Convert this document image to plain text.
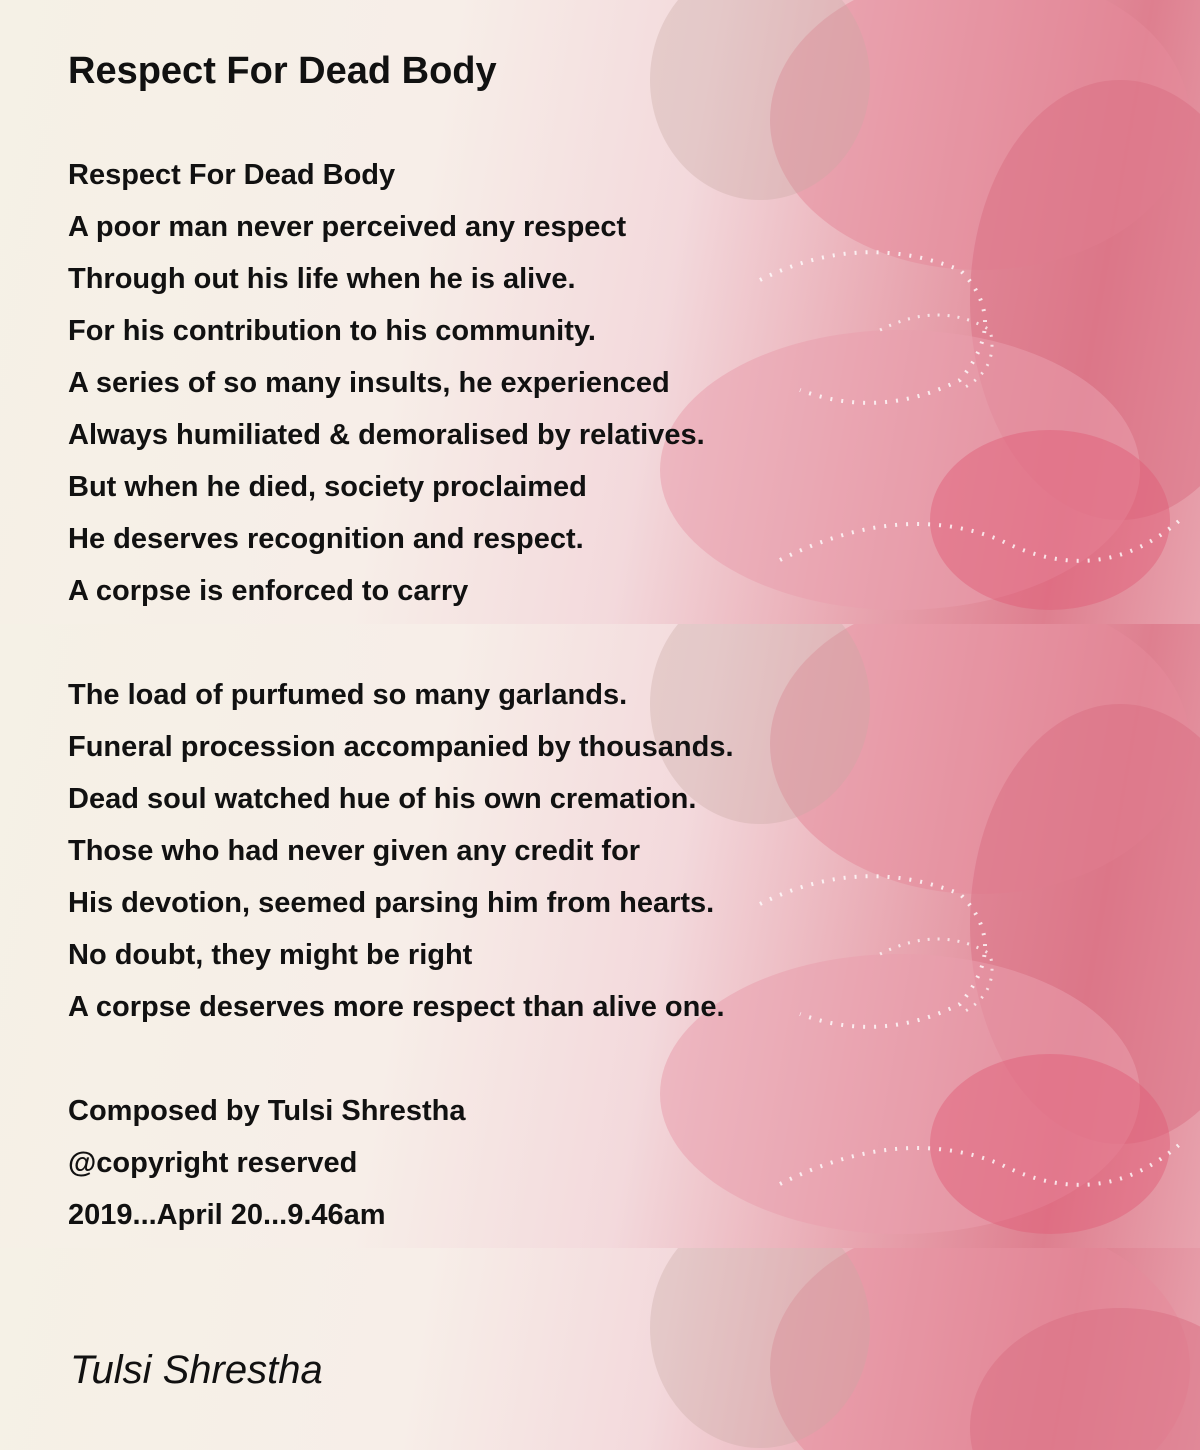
Respect For Dead Body
Respect For Dead Body
A poor man never perceived any respect
Through out his life when he is alive.
For his contribution to his community.
A series of so many insults, he experienced
Always humiliated & demoralised by relatives.
But when he died, society proclaimed
He deserves recognition and respect.
A corpse is enforced to carry
The load of purfumed so many garlands.
Funeral procession accompanied by thousands.
Dead soul watched hue of his own cremation.
Those who had never given any credit for
His devotion, seemed parsing him from hearts.
No doubt, they might be right
A corpse deserves more respect than alive one.
Composed by Tulsi Shrestha
@copyright reserved
2019...April 20...9.46am
Tulsi Shrestha
